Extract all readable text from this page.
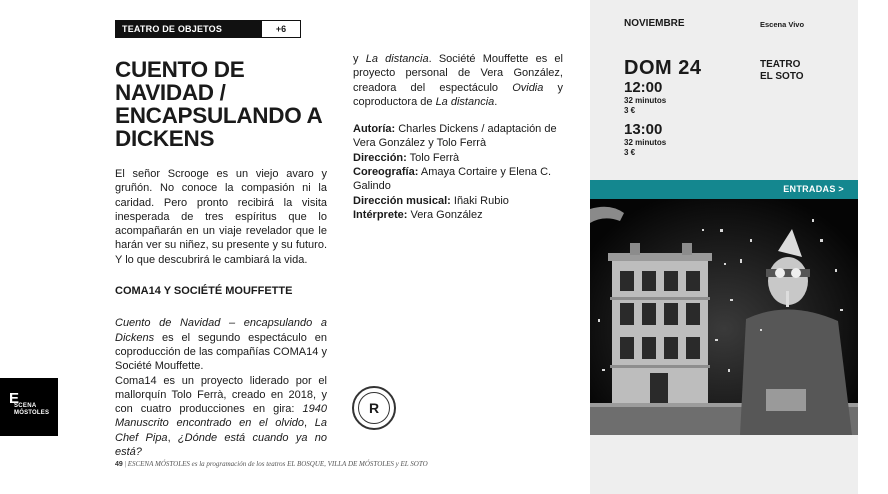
TEATRO DE OBJETOS	+6
CUENTO DE NAVIDAD / ENCAPSULANDO A DICKENS

El señor Scrooge es un viejo avaro y gruñón. No conoce la compasión ni la caridad. Pero pronto recibirá la visita inesperada de tres espíritus que lo acompañarán en un viaje revelador que le harán ver su niñez, su presente y su futuro. Y lo que descubrirá le cambiará la vida.

COMA14 Y SOCIÉTÉ MOUFFETTE

Cuento de Navidad – encapsulando a Dickens es el segundo espectáculo en coproducción de las compañías COMA14 y Société Mouffette.

Coma14 es un proyecto liderado por el mallorquín Tolo Ferrà, creado en 2018, y con cuatro producciones en gira: 1940 Manuscrito encontrado en el olvido, La Chef Pipa, ¿Dónde está cuando ya no está?

y La distancia. Société Mouffette es el proyecto personal de Vera González, creadora del espectáculo Ovidia y coproductora de La distancia.

Autoría: Charles Dickens / adaptación de Vera González y Tolo Ferrà
Dirección: Tolo Ferrà
Coreografía: Amaya Cortaire y Elena C. Galindo
Dirección musical: Iñaki Rubio
Intérprete: Vera González
R
E
SCENA
MÓSTOLES
49 | ESCENA MÓSTOLES es la programación de los teatros EL BOSQUE, VILLA DE MÓSTOLES y EL SOTO
NOVIEMBRE	Escena Vivo
DOM 24	TEATRO
EL SOTO
12:00
32 minutos
3 €
13:00
32 minutos
3 €
ENTRADAS >
